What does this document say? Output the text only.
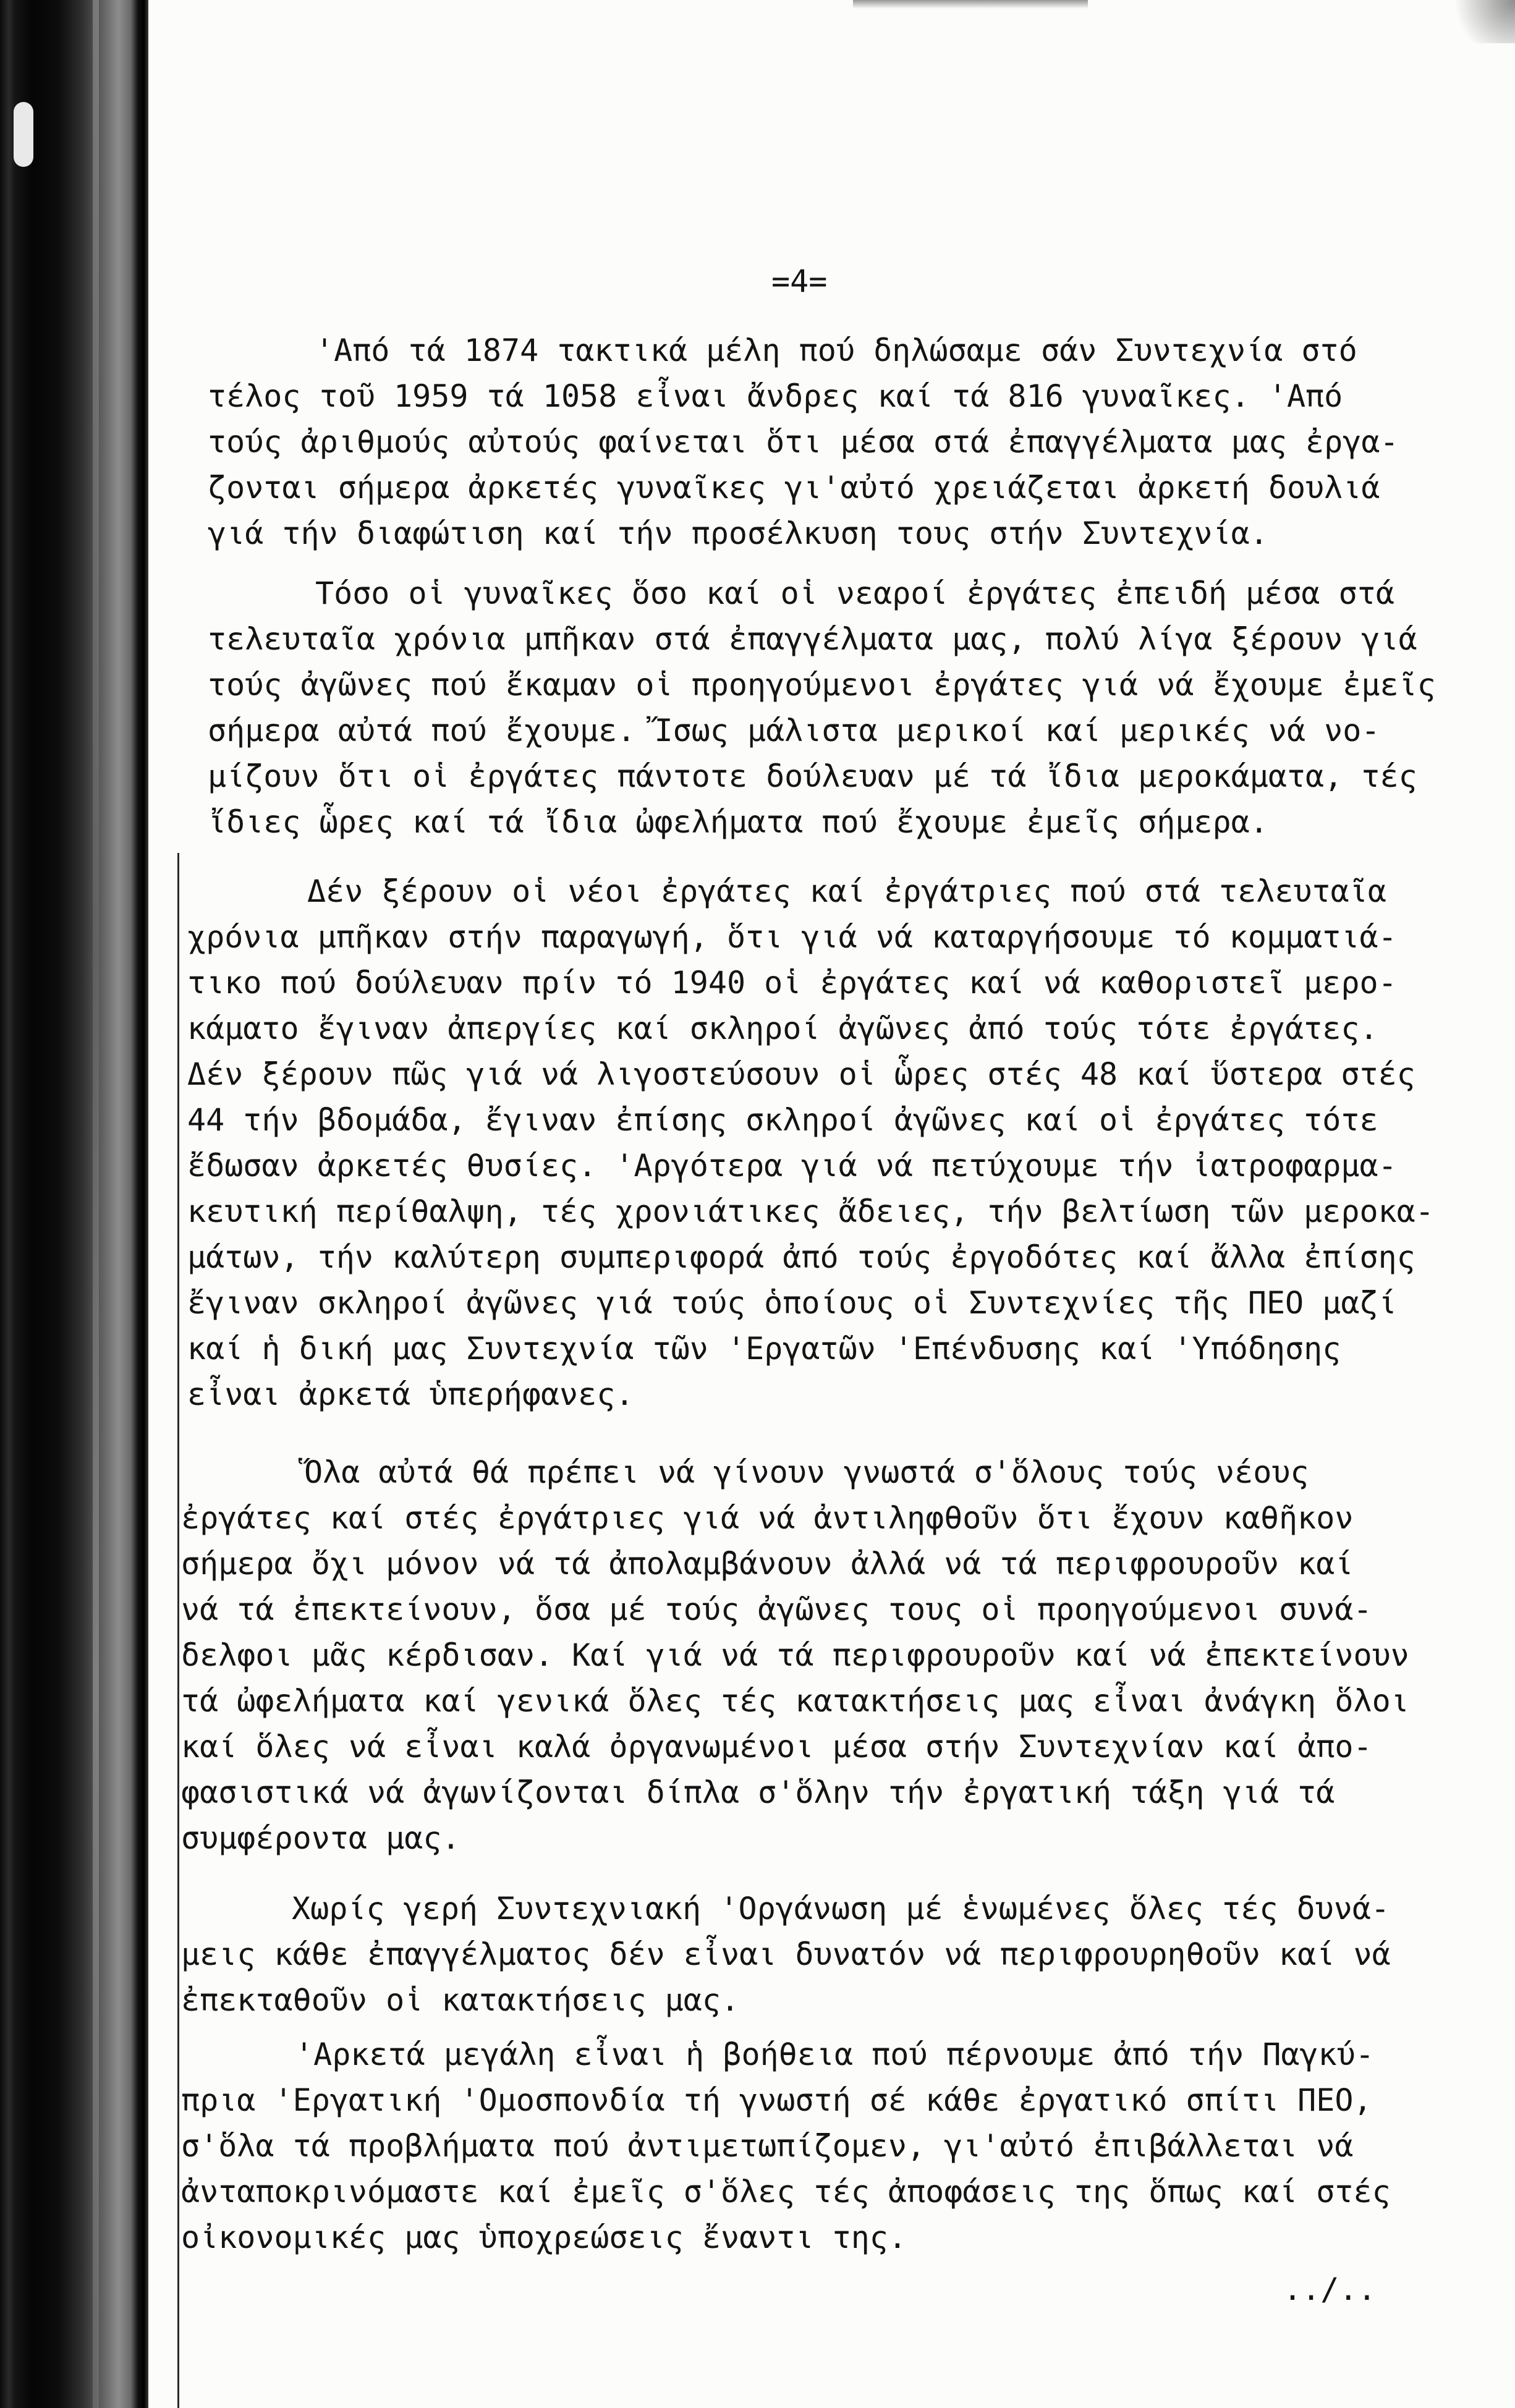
=4=
'Από τά 1874 τακτικά μέλη πού δηλώσαμε σάν Συντεχνία στό
τέλος τοῦ 1959 τά 1058 εἶναι ἄνδρες καί τά 816 γυναῖκες. 'Από
τούς ἀριθμούς αὐτούς φαίνεται ὅτι μέσα στά ἐπαγγέλματα μας ἐργα-
ζονται σήμερα ἀρκετές γυναῖκες γι'αὐτό χρειάζεται ἀρκετή δουλιά
γιά τήν διαφώτιση καί τήν προσέλκυση τους στήν Συντεχνία.
Τόσο οἱ γυναῖκες ὅσο καί οἱ νεαροί ἐργάτες ἐπειδή μέσα στά
τελευταῖα χρόνια μπῆκαν στά ἐπαγγέλματα μας, πολύ λίγα ξέρουν γιά
τούς ἀγῶνες πού ἔκαμαν οἱ προηγούμενοι ἐργάτες γιά νά ἔχουμε ἐμεῖς
σήμερα αὐτά πού ἔχουμε. Ἴσως μάλιστα μερικοί καί μερικές νά νο-
μίζουν ὅτι οἱ ἐργάτες πάντοτε δούλευαν μέ τά ἴδια μεροκάματα, τές
ἴδιες ὧρες καί τά ἴδια ὠφελήματα πού ἔχουμε ἐμεῖς σήμερα.
Δέν ξέρουν οἱ νέοι ἐργάτες καί ἐργάτριες πού στά τελευταῖα
χρόνια μπῆκαν στήν παραγωγή, ὅτι γιά νά καταργήσουμε τό κομματιά-
τικο πού δούλευαν πρίν τό 1940 οἱ ἐργάτες καί νά καθοριστεῖ μερο-
κάματο ἔγιναν ἀπεργίες καί σκληροί ἀγῶνες ἀπό τούς τότε ἐργάτες.
Δέν ξέρουν πῶς γιά νά λιγοστεύσουν οἱ ὧρες στές 48 καί ὕστερα στές
44 τήν βδομάδα, ἔγιναν ἐπίσης σκληροί ἀγῶνες καί οἱ ἐργάτες τότε
ἔδωσαν ἀρκετές θυσίες. 'Αργότερα γιά νά πετύχουμε τήν ἰατροφαρμα-
κευτική περίθαλψη, τές χρονιάτικες ἄδειες, τήν βελτίωση τῶν μεροκα-
μάτων, τήν καλύτερη συμπεριφορά ἀπό τούς ἐργοδότες καί ἄλλα ἐπίσης
ἔγιναν σκληροί ἀγῶνες γιά τούς ὁποίους οἱ Συντεχνίες τῆς ΠΕΟ μαζί
καί ἡ δική μας Συντεχνία τῶν 'Εργατῶν 'Επένδυσης καί 'Υπόδησης
εἶναι ἀρκετά ὑπερήφανες.
Ὅλα αὐτά θά πρέπει νά γίνουν γνωστά σ'ὅλους τούς νέους
ἐργάτες καί στές ἐργάτριες γιά νά ἀντιληφθοῦν ὅτι ἔχουν καθῆκον
σήμερα ὄχι μόνον νά τά ἀπολαμβάνουν ἀλλά νά τά περιφρουροῦν καί
νά τά ἐπεκτείνουν, ὅσα μέ τούς ἀγῶνες τους οἱ προηγούμενοι συνά-
δελφοι μᾶς κέρδισαν. Καί γιά νά τά περιφρουροῦν καί νά ἐπεκτείνουν
τά ὠφελήματα καί γενικά ὅλες τές κατακτήσεις μας εἶναι ἀνάγκη ὅλοι
καί ὅλες νά εἶναι καλά ὀργανωμένοι μέσα στήν Συντεχνίαν καί ἀπο-
φασιστικά νά ἀγωνίζονται δίπλα σ'ὅλην τήν ἐργατική τάξη γιά τά
συμφέροντα μας.
Χωρίς γερή Συντεχνιακή 'Οργάνωση μέ ἑνωμένες ὅλες τές δυνά-
μεις κάθε ἐπαγγέλματος δέν εἶναι δυνατόν νά περιφρουρηθοῦν καί νά
ἐπεκταθοῦν οἱ κατακτήσεις μας.
'Αρκετά μεγάλη εἶναι ἡ βοήθεια πού πέρνουμε ἀπό τήν Παγκύ-
πρια 'Εργατική 'Ομοσπονδία τή γνωστή σέ κάθε ἐργατικό σπίτι ΠΕΟ,
σ'ὅλα τά προβλήματα πού ἀντιμετωπίζομεν, γι'αὐτό ἐπιβάλλεται νά
ἀνταποκρινόμαστε καί ἐμεῖς σ'ὅλες τές ἀποφάσεις της ὅπως καί στές
οἰκονομικές μας ὑποχρεώσεις ἔναντι της.
../..
